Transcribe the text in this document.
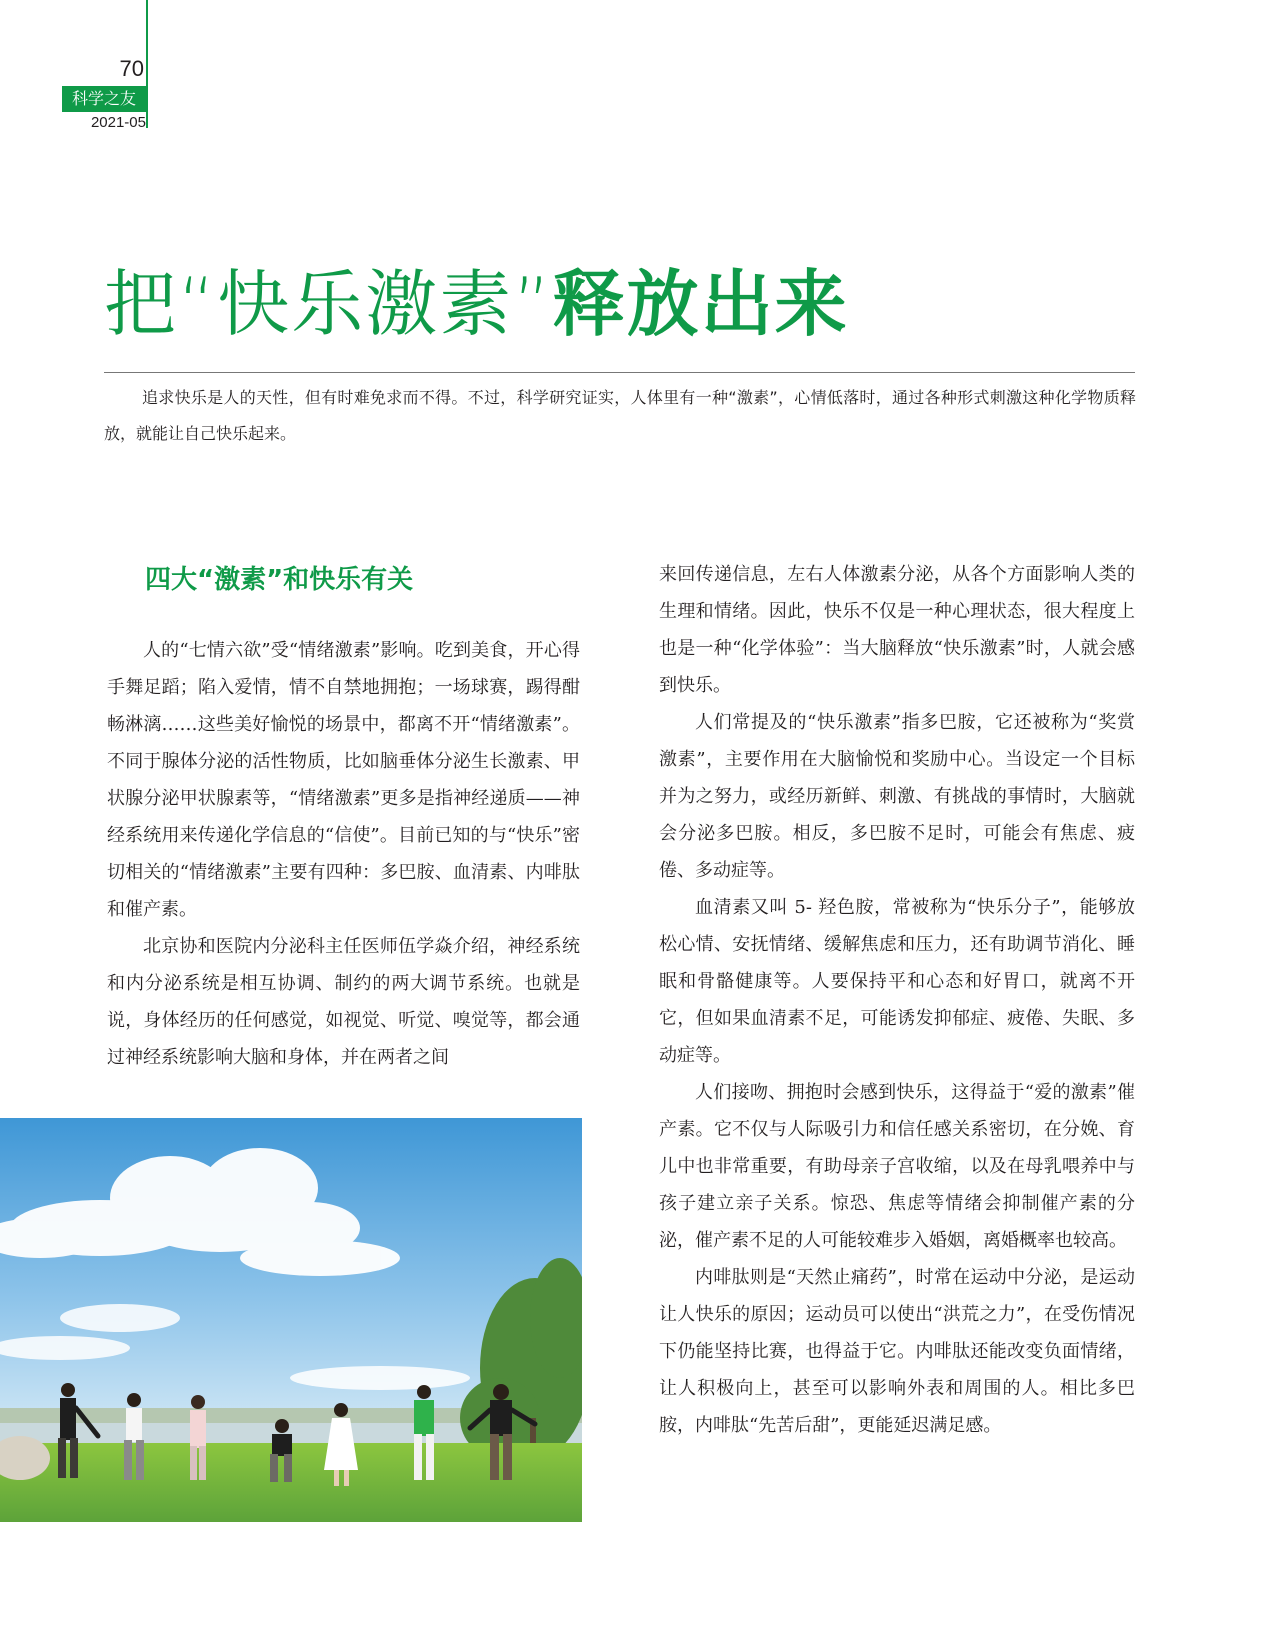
70
科学之友
2021-05
把“快乐激素”释放出来

追求快乐是人的天性，但有时难免求而不得。不过，科学研究证实，人体里有一种“激素”，心情低落时，通过各种形式刺激这种化学物质释放，就能让自己快乐起来。

四大“激素”和快乐有关

人的“七情六欲”受“情绪激素”影响。吃到美食，开心得手舞足蹈；陷入爱情，情不自禁地拥抱；一场球赛，踢得酣畅淋漓……这些美好愉悦的场景中，都离不开“情绪激素”。不同于腺体分泌的活性物质，比如脑垂体分泌生长激素、甲状腺分泌甲状腺素等，“情绪激素”更多是指神经递质——神经系统用来传递化学信息的“信使”。目前已知的与“快乐”密切相关的“情绪激素”主要有四种：多巴胺、血清素、内啡肽和催产素。

北京协和医院内分泌科主任医师伍学焱介绍，神经系统和内分泌系统是相互协调、制约的两大调节系统。也就是说，身体经历的任何感觉，如视觉、听觉、嗅觉等，都会通过神经系统影响大脑和身体，并在两者之间

来回传递信息，左右人体激素分泌，从各个方面影响人类的生理和情绪。因此，快乐不仅是一种心理状态，很大程度上也是一种“化学体验”：当大脑释放“快乐激素”时，人就会感到快乐。

人们常提及的“快乐激素”指多巴胺，它还被称为“奖赏激素”，主要作用在大脑愉悦和奖励中心。当设定一个目标并为之努力，或经历新鲜、刺激、有挑战的事情时，大脑就会分泌多巴胺。相反，多巴胺不足时，可能会有焦虑、疲倦、多动症等。

血清素又叫 5- 羟色胺，常被称为“快乐分子”，能够放松心情、安抚情绪、缓解焦虑和压力，还有助调节消化、睡眠和骨骼健康等。人要保持平和心态和好胃口，就离不开它，但如果血清素不足，可能诱发抑郁症、疲倦、失眠、多动症等。

人们接吻、拥抱时会感到快乐，这得益于“爱的激素”催产素。它不仅与人际吸引力和信任感关系密切，在分娩、育儿中也非常重要，有助母亲子宫收缩，以及在母乳喂养中与孩子建立亲子关系。惊恐、焦虑等情绪会抑制催产素的分泌，催产素不足的人可能较难步入婚姻，离婚概率也较高。

内啡肽则是“天然止痛药”，时常在运动中分泌，是运动让人快乐的原因；运动员可以使出“洪荒之力”，在受伤情况下仍能坚持比赛，也得益于它。内啡肽还能改变负面情绪，让人积极向上，甚至可以影响外表和周围的人。相比多巴胺，内啡肽“先苦后甜”，更能延迟满足感。
